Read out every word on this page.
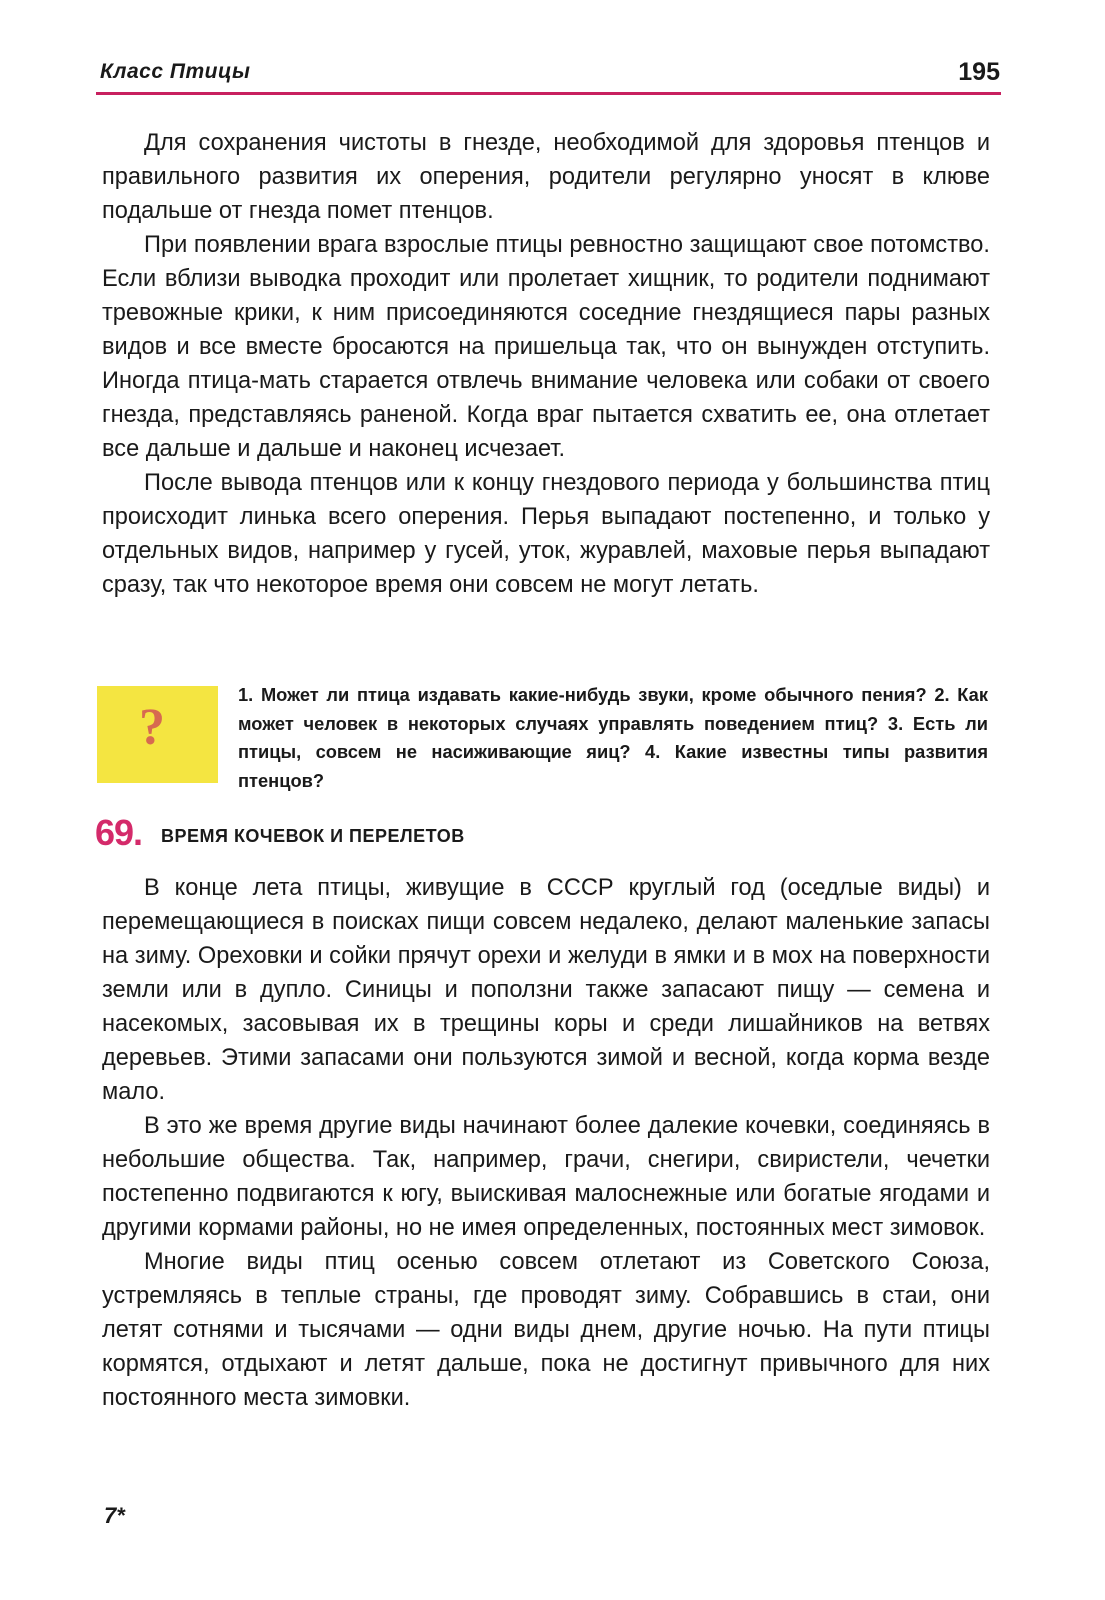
Класс Птицы	195

Для сохранения чистоты в гнезде, необходимой для здоровья птенцов и правильного развития их оперения, родители регулярно уносят в клюве подальше от гнезда помет птенцов.

При появлении врага взрослые птицы ревностно защищают свое потомство. Если вблизи выводка проходит или пролетает хищник, то родители поднимают тревожные крики, к ним присоединяются соседние гнездящиеся пары разных видов и все вместе бросаются на пришельца так, что он вынужден отступить. Иногда птица-мать старается отвлечь внимание человека или собаки от своего гнезда, представляясь раненой. Когда враг пытается схватить ее, она отлетает все дальше и дальше и наконец исчезает.

После вывода птенцов или к концу гнездового периода у большинства птиц происходит линька всего оперения. Перья выпадают постепенно, и только у отдельных видов, например у гусей, уток, журавлей, маховые перья выпадают сразу, так что некоторое время они совсем не могут летать.

?

1. Может ли птица издавать какие-нибудь звуки, кроме обычного пения? 2. Как может человек в некоторых случаях управлять поведением птиц? 3. Есть ли птицы, совсем не насиживающие яиц? 4. Какие известны типы развития птенцов?

69. ВРЕМЯ КОЧЕВОК И ПЕРЕЛЕТОВ

В конце лета птицы, живущие в СССР круглый год (оседлые виды) и перемещающиеся в поисках пищи совсем недалеко, делают маленькие запасы на зиму. Ореховки и сойки прячут орехи и желуди в ямки и в мох на поверхности земли или в дупло. Синицы и поползни также запасают пищу — семена и насекомых, засовывая их в трещины коры и среди лишайников на ветвях деревьев. Этими запасами они пользуются зимой и весной, когда корма везде мало.

В это же время другие виды начинают более далекие кочевки, соединяясь в небольшие общества. Так, например, грачи, снегири, свиристели, чечетки постепенно подвигаются к югу, выискивая малоснежные или богатые ягодами и другими кормами районы, но не имея определенных, постоянных мест зимовок.

Многие виды птиц осенью совсем отлетают из Советского Союза, устремляясь в теплые страны, где проводят зиму. Собравшись в стаи, они летят сотнями и тысячами — одни виды днем, другие ночью. На пути птицы кормятся, отдыхают и летят дальше, пока не достигнут привычного для них постоянного места зимовки.

7*
